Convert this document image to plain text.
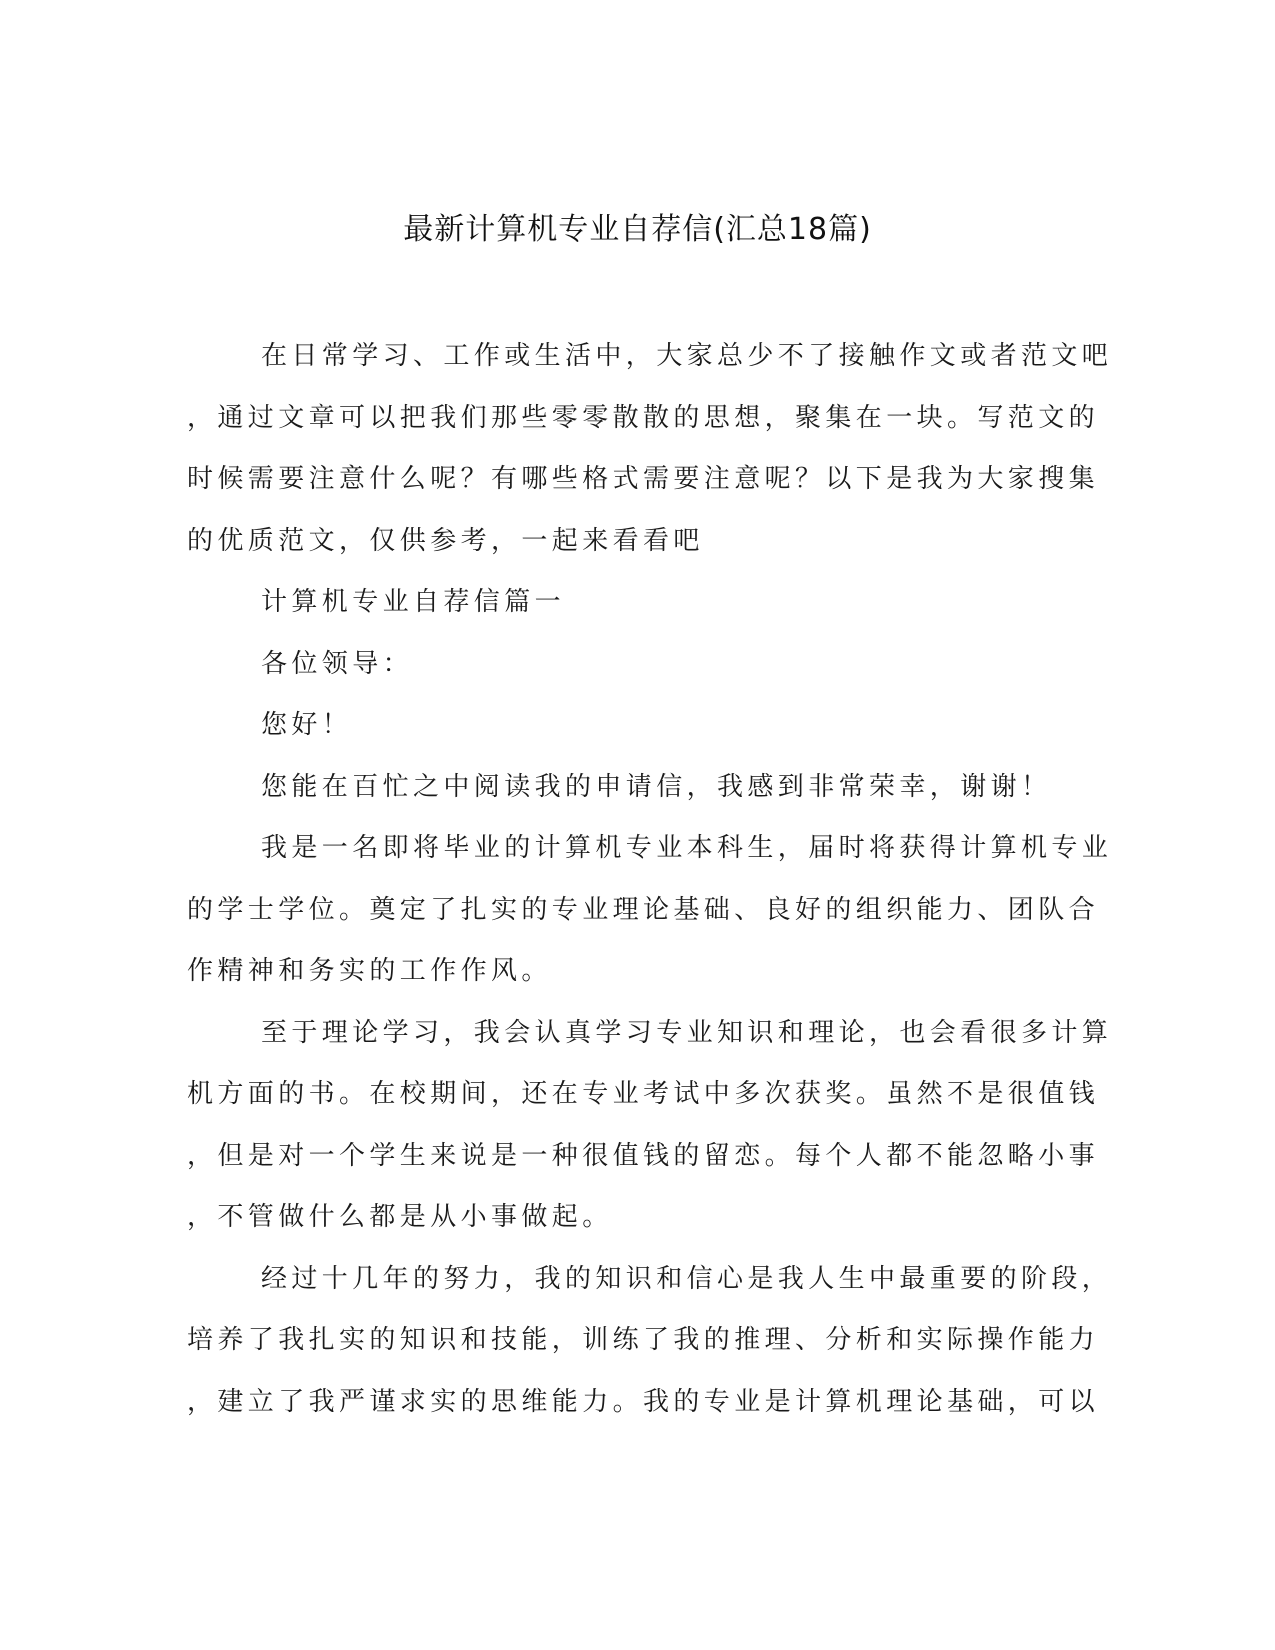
最新计算机专业自荐信(汇总18篇)
在日常学习、工作或生活中，大家总少不了接触作文或者范文吧
，通过文章可以把我们那些零零散散的思想，聚集在一块。写范文的
时候需要注意什么呢？有哪些格式需要注意呢？以下是我为大家搜集
的优质范文，仅供参考，一起来看看吧
计算机专业自荐信篇一
各位领导：
您好！
您能在百忙之中阅读我的申请信，我感到非常荣幸，谢谢！
我是一名即将毕业的计算机专业本科生，届时将获得计算机专业
的学士学位。奠定了扎实的专业理论基础、良好的组织能力、团队合
作精神和务实的工作作风。
至于理论学习，我会认真学习专业知识和理论，也会看很多计算
机方面的书。在校期间，还在专业考试中多次获奖。虽然不是很值钱
，但是对一个学生来说是一种很值钱的留恋。每个人都不能忽略小事
，不管做什么都是从小事做起。
经过十几年的努力，我的知识和信心是我人生中最重要的阶段，
培养了我扎实的知识和技能，训练了我的推理、分析和实际操作能力
，建立了我严谨求实的思维能力。我的专业是计算机理论基础，可以
